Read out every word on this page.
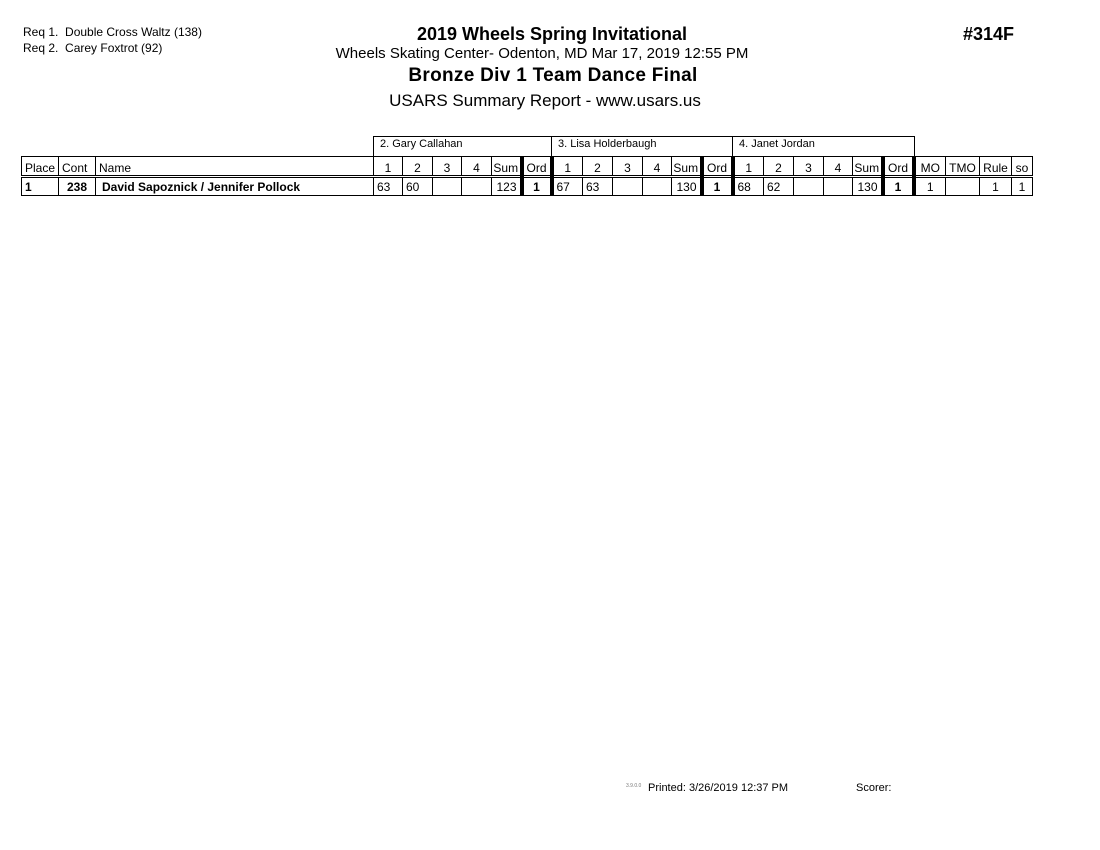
Req 1. Double Cross Waltz (138)
Req 2. Carey Foxtrot (92)
2019 Wheels Spring Invitational
Wheels Skating Center- Odenton, MD Mar 17, 2019 12:55 PM
Bronze Div 1 Team Dance Final
USARS Summary Report - www.usars.us
#314F
2. Gary Callahan	3. Lisa Holderbaugh	4. Janet Jordan
Place	Cont	Name	1	2	3	4	Sum	Ord	1	2	3	4	Sum	Ord	1	2	3	4	Sum	Ord	MO	TMO	Rule	so
1	238	David Sapoznick / Jennifer Pollock	63	60			123	1	67	63			130	1	68	62			130	1	1		1	1
3.9.0.0 Printed: 3/26/2019 12:37 PM	Scorer:
